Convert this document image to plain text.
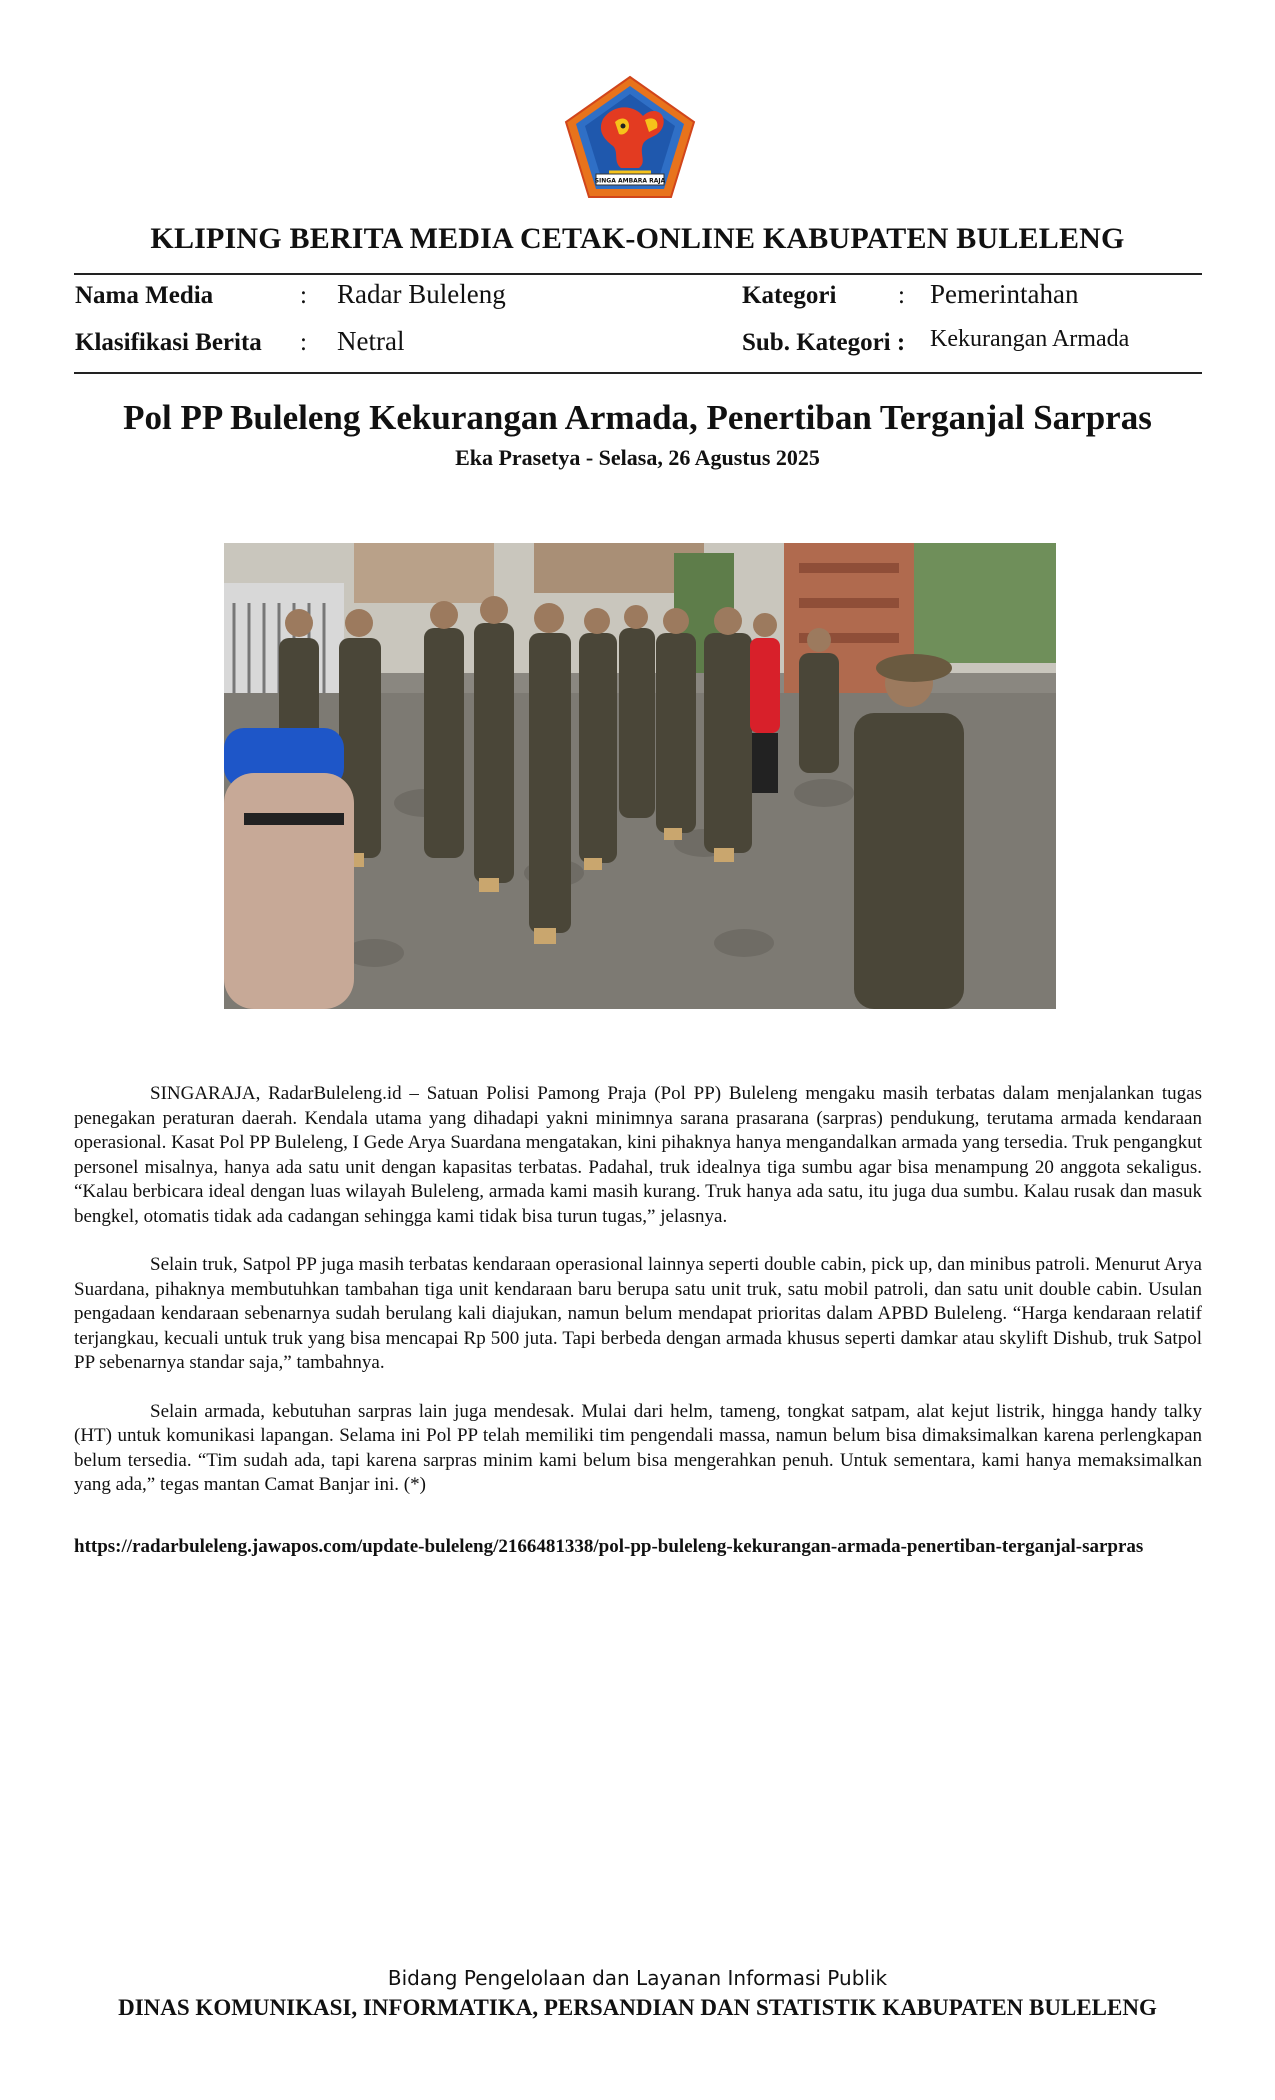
SINGA AMBARA RAJA
KLIPING BERITA MEDIA CETAK-ONLINE KABUPATEN BULELENG
Nama Media	: Radar Buleleng	Kategori : Pemerintahan
Klasifikasi Berita : Netral	Sub. Kategori : Kekurangan Armada
Pol PP Buleleng Kekurangan Armada, Penertiban Terganjal Sarpras
Eka Prasetya - Selasa, 26 Agustus 2025

SINGARAJA, RadarBuleleng.id – Satuan Polisi Pamong Praja (Pol PP) Buleleng mengaku masih terbatas dalam menjalankan tugas penegakan peraturan daerah. Kendala utama yang dihadapi yakni minimnya sarana prasarana (sarpras) pendukung, terutama armada kendaraan operasional. Kasat Pol PP Buleleng, I Gede Arya Suardana mengatakan, kini pihaknya hanya mengandalkan armada yang tersedia. Truk pengangkut personel misalnya, hanya ada satu unit dengan kapasitas terbatas. Padahal, truk idealnya tiga sumbu agar bisa menampung 20 anggota sekaligus. “Kalau berbicara ideal dengan luas wilayah Buleleng, armada kami masih kurang. Truk hanya ada satu, itu juga dua sumbu. Kalau rusak dan masuk bengkel, otomatis tidak ada cadangan sehingga kami tidak bisa turun tugas,” jelasnya.

Selain truk, Satpol PP juga masih terbatas kendaraan operasional lainnya seperti double cabin, pick up, dan minibus patroli. Menurut Arya Suardana, pihaknya membutuhkan tambahan tiga unit kendaraan baru berupa satu unit truk, satu mobil patroli, dan satu unit double cabin. Usulan pengadaan kendaraan sebenarnya sudah berulang kali diajukan, namun belum mendapat prioritas dalam APBD Buleleng. “Harga kendaraan relatif terjangkau, kecuali untuk truk yang bisa mencapai Rp 500 juta. Tapi berbeda dengan armada khusus seperti damkar atau skylift Dishub, truk Satpol PP sebenarnya standar saja,” tambahnya.

Selain armada, kebutuhan sarpras lain juga mendesak. Mulai dari helm, tameng, tongkat satpam, alat kejut listrik, hingga handy talky (HT) untuk komunikasi lapangan. Selama ini Pol PP telah memiliki tim pengendali massa, namun belum bisa dimaksimalkan karena perlengkapan belum tersedia. “Tim sudah ada, tapi karena sarpras minim kami belum bisa mengerahkan penuh. Untuk sementara, kami hanya memaksimalkan yang ada,” tegas mantan Camat Banjar ini. (*)

https://radarbuleleng.jawapos.com/update-buleleng/2166481338/pol-pp-buleleng-kekurangan-armada-penertiban-terganjal-sarpras
Bidang Pengelolaan dan Layanan Informasi Publik
DINAS KOMUNIKASI, INFORMATIKA, PERSANDIAN DAN STATISTIK KABUPATEN BULELENG
